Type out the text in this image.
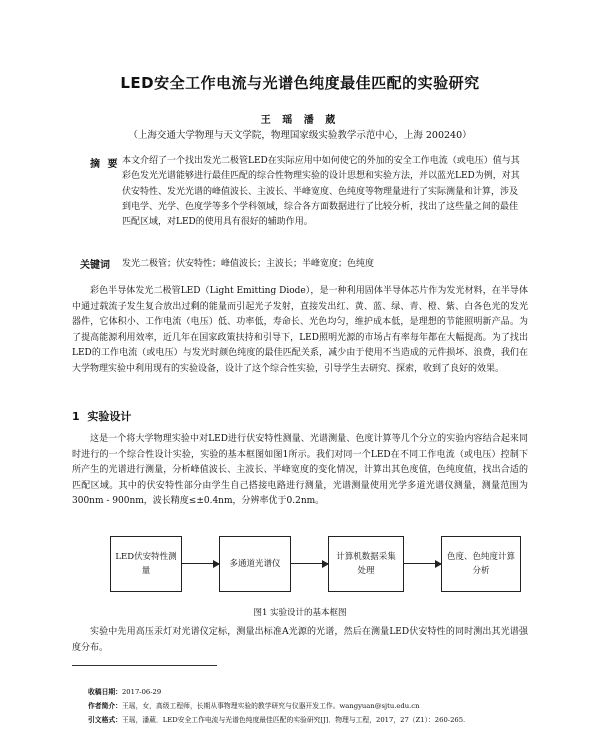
LED安全工作电流与光谱色纯度最佳匹配的实验研究
王 瑶 潘 葳
（上海交通大学物理与天文学院，物理国家级实验教学示范中心，上海 200240）
摘 要 本文介绍了一个找出发光二极管LED在实际应用中如何使它的外加的安全工作电流（或电压）值与其彩色发光光谱能够进行最佳匹配的综合性物理实验的设计思想和实验方法，并以蓝光LED为例，对其伏安特性、发光光谱的峰值波长、主波长、半峰宽度、色纯度等物理量进行了实际测量和计算，涉及到电学、光学、色度学等多个学科领域，综合各方面数据进行了比较分析，找出了这些量之间的最佳匹配区域，对LED的使用具有很好的辅助作用。
关键词 发光二极管；伏安特性；峰值波长；主波长；半峰宽度；色纯度
彩色半导体发光二极管LED（Light Emitting Diode），是一种利用固体半导体芯片作为发光材料，在半导体中通过载流子发生复合放出过剩的能量而引起光子发射，直接发出红、黄、蓝、绿、青、橙、紫、白各色光的发光器件，它体积小、工作电流（电压）低、功率低，寿命长、光色均匀，维护成本低，是理想的节能照明新产品。为了提高能源利用效率，近几年在国家政策扶持和引导下，LED照明光源的市场占有率每年都在大幅提高。为了找出LED的工作电流（或电压）与发光时颜色纯度的最佳匹配关系，减少由于使用不当造成的元件损坏、浪费，我们在大学物理实验中利用现有的实验设备，设计了这个综合性实验，引导学生去研究、探索，收到了良好的效果。
1 实验设计
这是一个将大学物理实验中对LED进行伏安特性测量、光谱测量、色度计算等几个分立的实验内容结合起来同时进行的一个综合性设计实验，实验的基本框图如图1所示。我们对同一个LED在不同工作电流（或电压）控制下所产生的光谱进行测量，分析峰值波长、主波长、半峰宽度的变化情况，计算出其色度值，色纯度值，找出合适的匹配区域。其中的伏安特性部分由学生自己搭接电路进行测量，光谱测量使用光学多道光谱仪测量，测量范围为300nm - 900nm，波长精度≤±0.4nm，分辨率优于0.2nm。
LED伏安特性测量
多通道光谱仪
计算机数据采集处理
色度、色纯度计算分析
图1 实验设计的基本框图
实验中先用高压汞灯对光谱仪定标，测量出标准A光源的光谱，然后在测量LED伏安特性的同时测出其光谱强度分布。
收稿日期：2017-06-29
作者简介：王瑶，女，高级工程师，长期从事物理实验的教学研究与仪器开发工作。wangyuan@sjtu.edu.cn
引文格式：王瑶，潘葳．LED安全工作电流与光谱色纯度最佳匹配的实验研究[J]．物理与工程，2017，27（Z1）：260-265.
